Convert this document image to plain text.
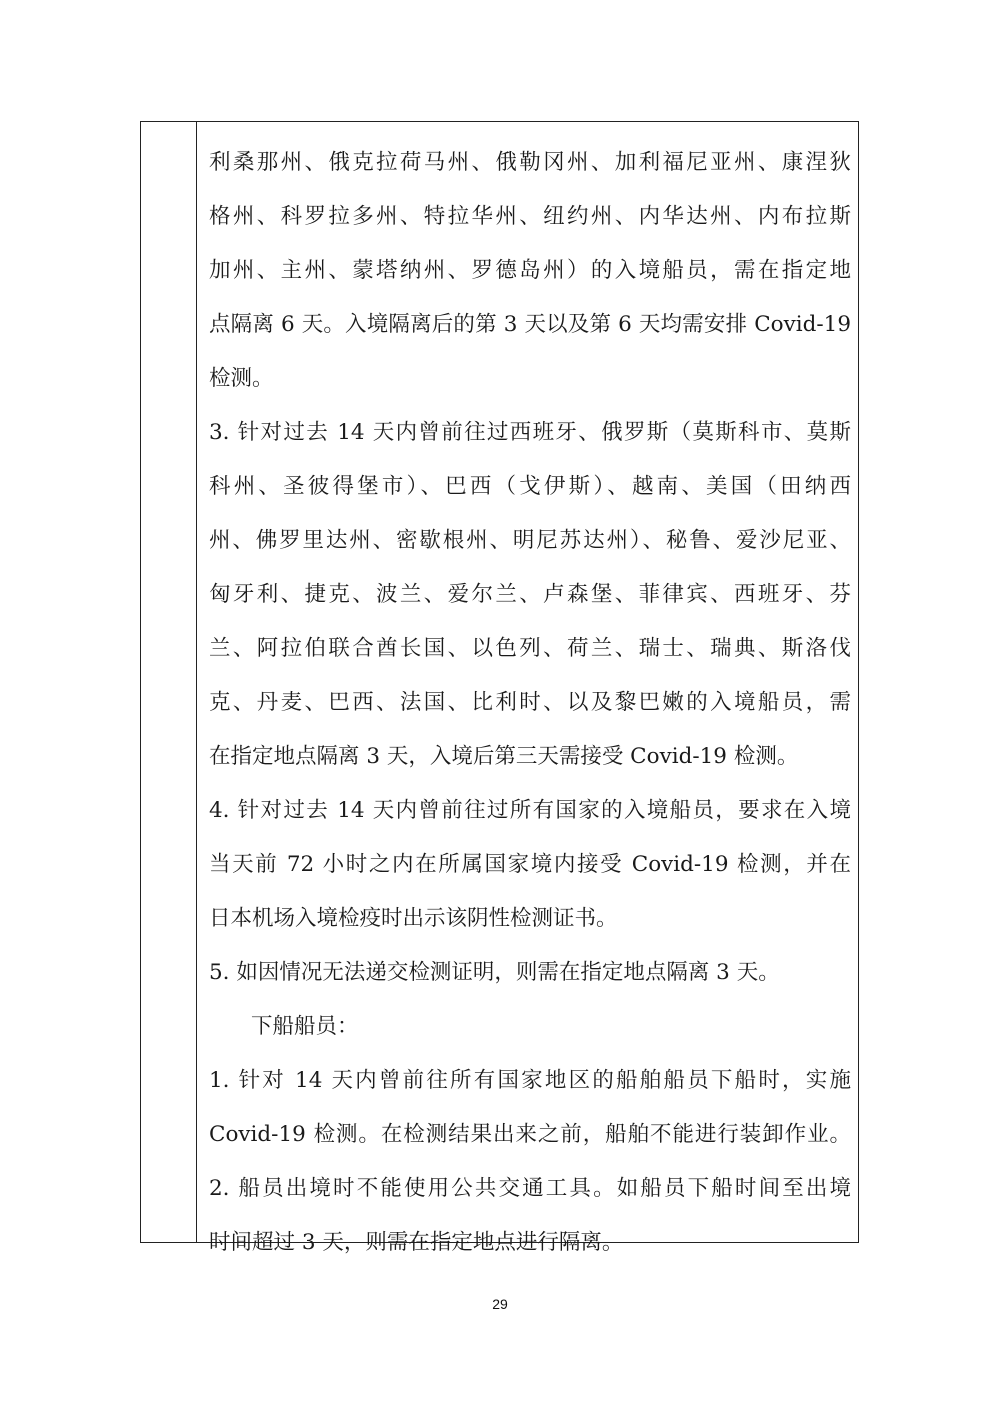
利桑那州、俄克拉荷马州、俄勒冈州、加利福尼亚州、康涅狄
格州、科罗拉多州、特拉华州、纽约州、内华达州、内布拉斯
加州、主州、蒙塔纳州、罗德岛州）的入境船员，需在指定地
点隔离 6 天。入境隔离后的第 3 天以及第 6 天均需安排 Covid-19
检测。
3. 针对过去 14 天内曾前往过西班牙、俄罗斯（莫斯科市、莫斯
科州、圣彼得堡市）、巴西（戈伊斯）、越南、美国（田纳西
州、佛罗里达州、密歇根州、明尼苏达州）、秘鲁、爱沙尼亚、
匈牙利、捷克、波兰、爱尔兰、卢森堡、菲律宾、西班牙、芬
兰、阿拉伯联合酋长国、以色列、荷兰、瑞士、瑞典、斯洛伐
克、丹麦、巴西、法国、比利时、以及黎巴嫩的入境船员，需
在指定地点隔离 3 天，入境后第三天需接受 Covid-19 检测。
4. 针对过去 14 天内曾前往过所有国家的入境船员，要求在入境
当天前 72 小时之内在所属国家境内接受 Covid-19 检测，并在
日本机场入境检疫时出示该阴性检测证书。
5. 如因情况无法递交检测证明，则需在指定地点隔离 3 天。
下船船员：
1. 针对 14 天内曾前往所有国家地区的船舶船员下船时，实施
Covid-19 检测。在检测结果出来之前，船舶不能进行装卸作业。
2. 船员出境时不能使用公共交通工具。如船员下船时间至出境
时间超过 3 天，则需在指定地点进行隔离。
29
